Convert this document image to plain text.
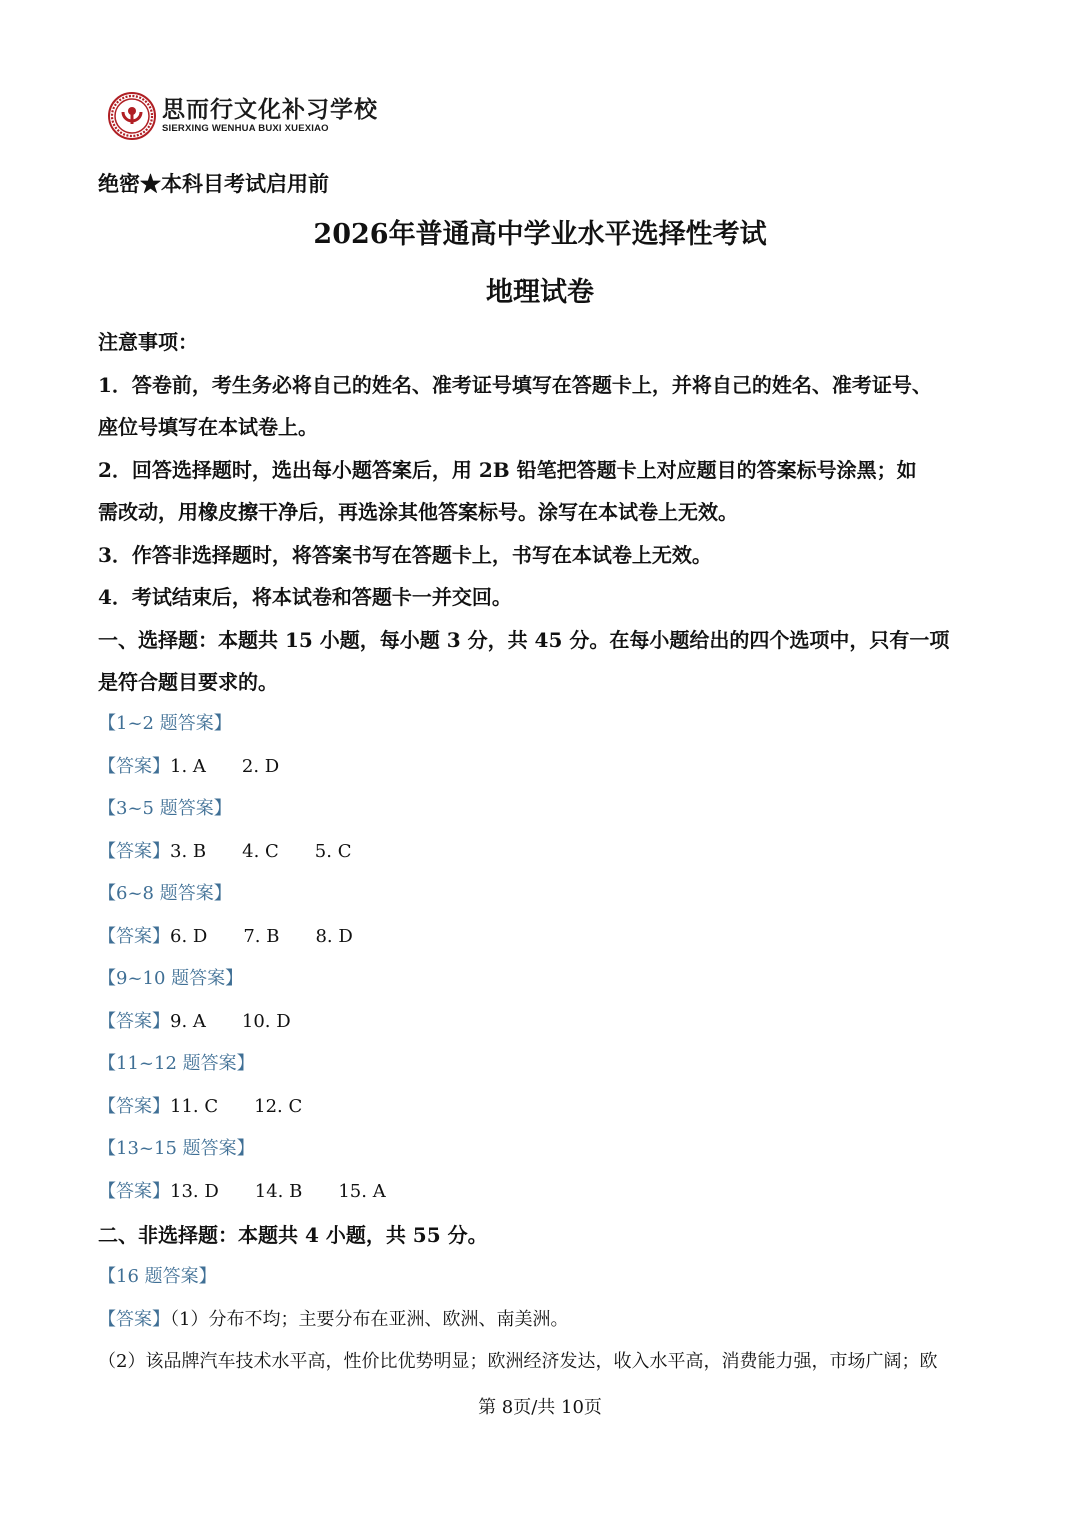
思而行文化补习学校
SIERXING WENHUA BUXI XUEXIAO
绝密★本科目考试启用前
2026年普通高中学业水平选择性考试
地理试卷
注意事项：
1．答卷前，考生务必将自己的姓名、准考证号填写在答题卡上，并将自己的姓名、准考证号、
座位号填写在本试卷上。
2．回答选择题时，选出每小题答案后，用 2B 铅笔把答题卡上对应题目的答案标号涂黑；如
需改动，用橡皮擦干净后，再选涂其他答案标号。涂写在本试卷上无效。
3．作答非选择题时，将答案书写在答题卡上，书写在本试卷上无效。
4．考试结束后，将本试卷和答题卡一并交回。
一、选择题：本题共 15 小题，每小题 3 分，共 45 分。在每小题给出的四个选项中，只有一项
是符合题目要求的。
【1~2 题答案】
【答案】1. A 2. D
【3~5 题答案】
【答案】3. B 4. C 5. C
【6~8 题答案】
【答案】6. D 7. B 8. D
【9~10 题答案】
【答案】9. A 10. D
【11~12 题答案】
【答案】11. C 12. C
【13~15 题答案】
【答案】13. D 14. B 15. A
二、非选择题：本题共 4 小题，共 55 分。
【16 题答案】
【答案】（1）分布不均；主要分布在亚洲、欧洲、南美洲。
（2）该品牌汽车技术水平高，性价比优势明显；欧洲经济发达，收入水平高，消费能力强，市场广阔；欧
第 8页/共 10页
